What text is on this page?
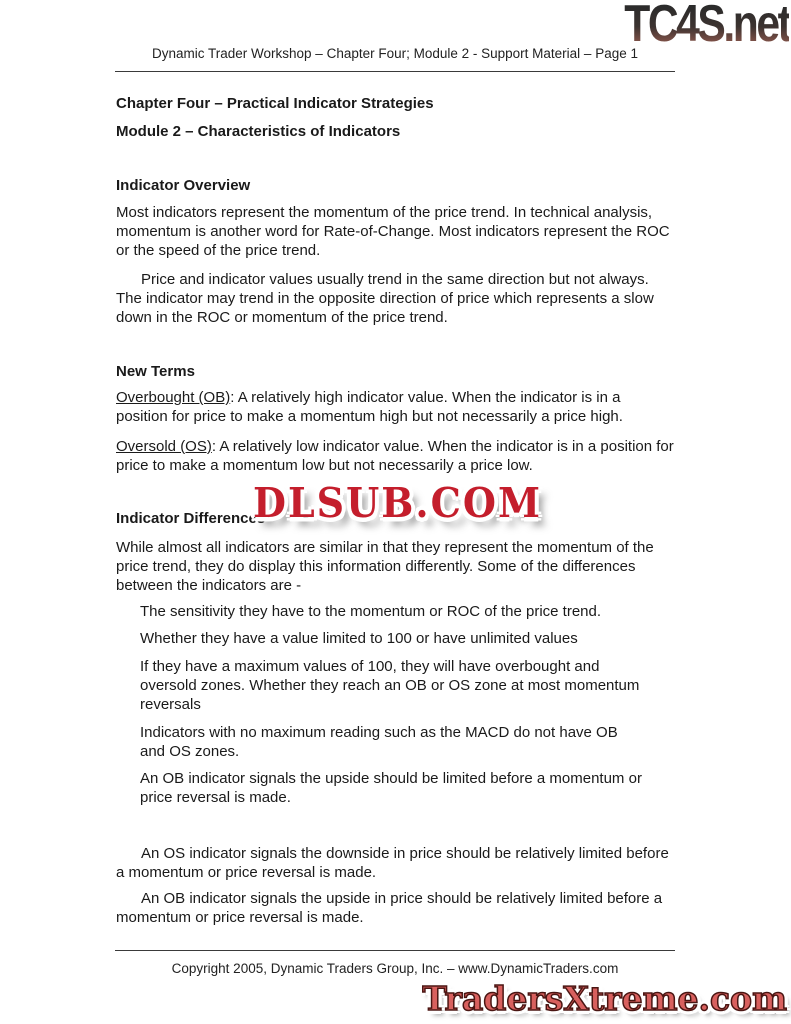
TC4S.net
Dynamic Trader Workshop – Chapter Four; Module 2 - Support Material – Page 1
Chapter Four – Practical Indicator Strategies
Module 2 – Characteristics of Indicators
Indicator Overview

Most indicators represent the momentum of the price trend. In technical analysis, momentum is another word for Rate-of-Change. Most indicators represent the ROC or the speed of the price trend.

Price and indicator values usually trend in the same direction but not always. The indicator may trend in the opposite direction of price which represents a slow down in the ROC or momentum of the price trend.

New Terms

Overbought (OB): A relatively high indicator value. When the indicator is in a position for price to make a momentum high but not necessarily a price high.

Oversold (OS): A relatively low indicator value. When the indicator is in a position for price to make a momentum low but not necessarily a price low.

Indicator Differences
DLSUB.COM

While almost all indicators are similar in that they represent the momentum of the price trend, they do display this information differently. Some of the differences between the indicators are -

The sensitivity they have to the momentum or ROC of the price trend.

Whether they have a value limited to 100 or have unlimited values

If they have a maximum values of 100, they will have overbought and oversold zones. Whether they reach an OB or OS zone at most momentum reversals

Indicators with no maximum reading such as the MACD do not have OB and OS zones.

An OB indicator signals the upside should be limited before a momentum or price reversal is made.

An OS indicator signals the downside in price should be relatively limited before a momentum or price reversal is made.

An OB indicator signals the upside in price should be relatively limited before a momentum or price reversal is made.

Copyright 2005, Dynamic Traders Group, Inc. – www.DynamicTraders.com
TradersXtreme.com
